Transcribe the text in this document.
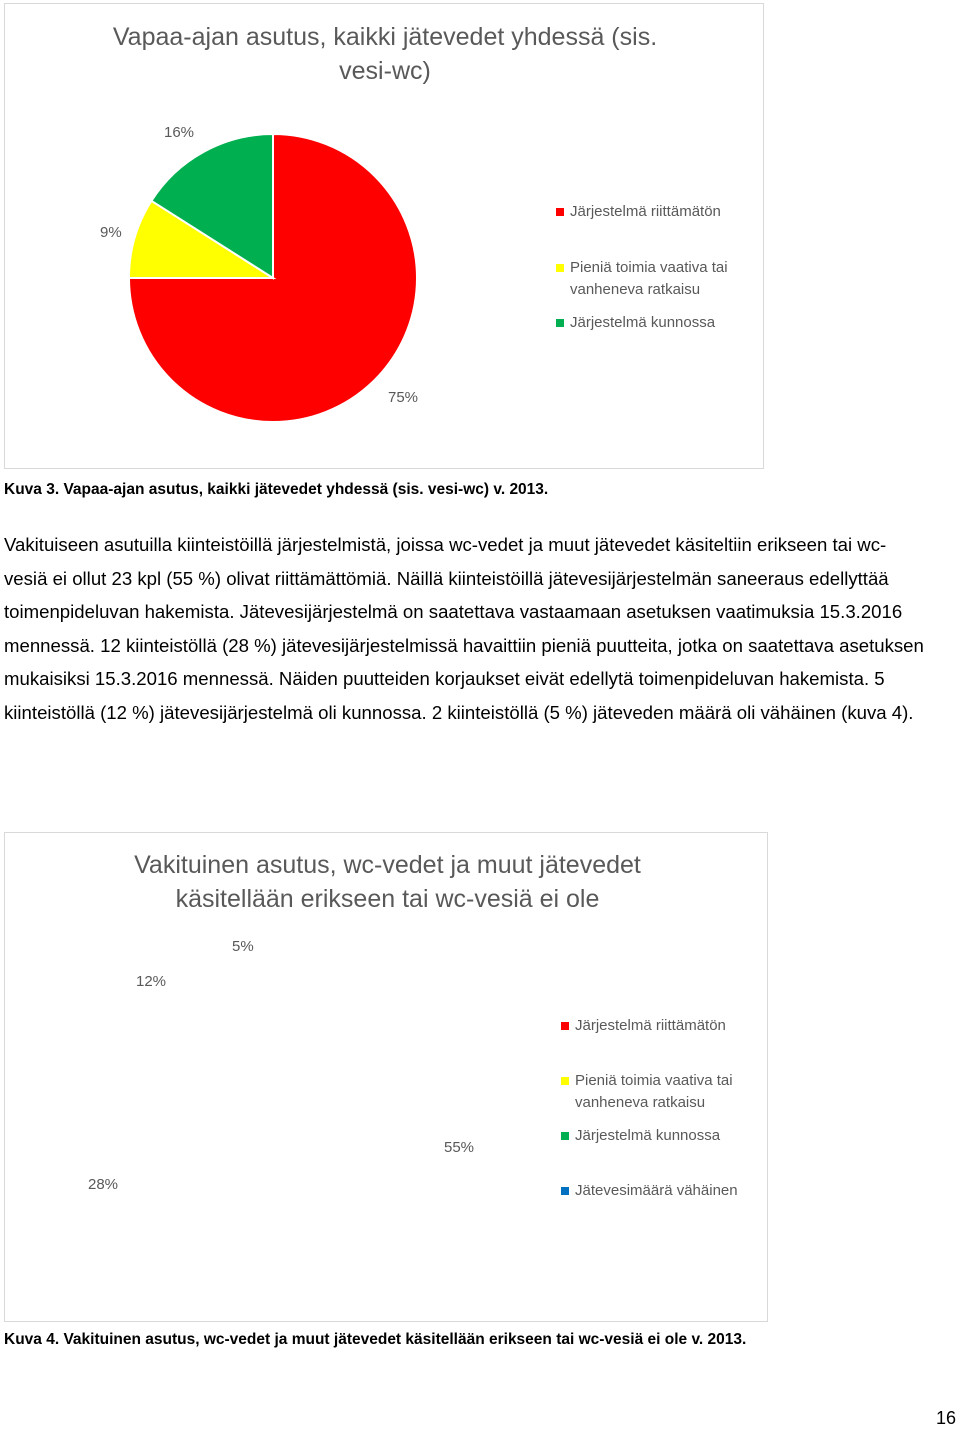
Vapaa-ajan asutus, kaikki jätevedet yhdessä (sis. vesi-wc)
16%
9%
75%
Järjestelmä riittämätön
Pieniä toimia vaativa tai vanheneva ratkaisu
Järjestelmä kunnossa
Kuva 3. Vapaa-ajan asutus, kaikki jätevedet yhdessä (sis. vesi-wc) v. 2013.
Vakituiseen asutuilla kiinteistöillä järjestelmistä, joissa wc-vedet ja muut jätevedet käsiteltiin erikseen tai wc-vesiä ei ollut 23 kpl (55 %) olivat riittämättömiä. Näillä kiinteistöillä jätevesijärjestelmän saneeraus edellyttää toimenpideluvan hakemista. Jätevesijärjestelmä on saatettava vastaamaan asetuksen vaatimuksia 15.3.2016 mennessä. 12 kiinteistöllä (28 %) jätevesijärjestelmissä havaittiin pieniä puutteita, jotka on saatettava asetuksen mukaisiksi 15.3.2016 mennessä. Näiden puutteiden korjaukset eivät edellytä toimenpideluvan hakemista. 5 kiinteistöllä (12 %) jätevesijärjestelmä oli kunnossa. 2 kiinteistöllä (5 %) jäteveden määrä oli vähäinen (kuva 4).
Vakituinen asutus, wc-vedet ja muut jätevedet käsitellään erikseen tai wc-vesiä ei ole
5%
12%
55%
28%
Järjestelmä riittämätön
Pieniä toimia vaativa tai vanheneva ratkaisu
Järjestelmä kunnossa
Jätevesimäärä vähäinen
Kuva 4. Vakituinen asutus, wc-vedet ja muut jätevedet käsitellään erikseen tai wc-vesiä ei ole v. 2013.
16
